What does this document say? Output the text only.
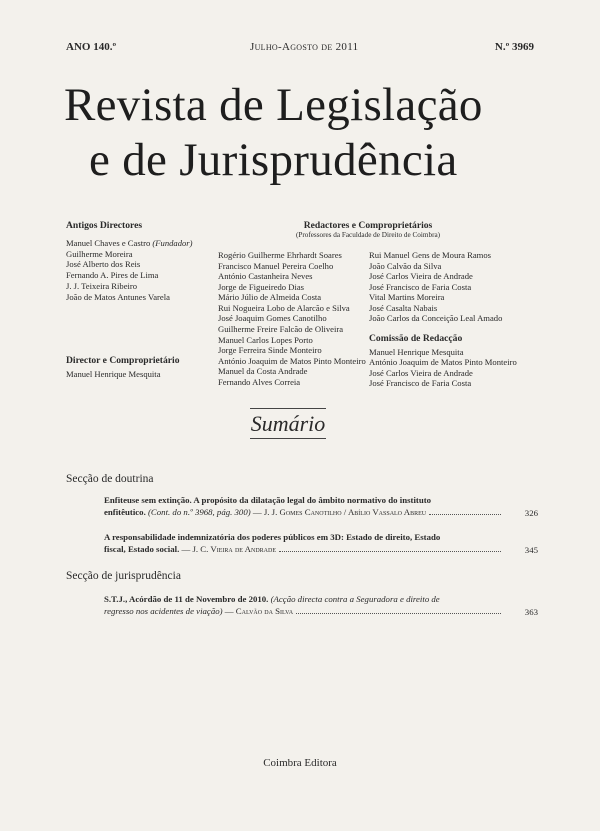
ANO 140.º	Julho-Agosto de 2011	N.º 3969
Revista de Legislação
e de Jurisprudência
Antigos Directores
Manuel Chaves e Castro (Fundador)
Guilherme Moreira
José Alberto dos Reis
Fernando A. Pires de Lima
J. J. Teixeira Ribeiro
João de Matos Antunes Varela
Director e Comproprietário
Manuel Henrique Mesquita
Redactores e Comproprietários
(Professores da Faculdade de Direito de Coimbra)
Rogério Guilherme Ehrhardt Soares
Francisco Manuel Pereira Coelho
António Castanheira Neves
Jorge de Figueiredo Dias
Mário Júlio de Almeida Costa
Rui Nogueira Lobo de Alarcão e Silva
José Joaquim Gomes Canotilho
Guilherme Freire Falcão de Oliveira
Manuel Carlos Lopes Porto
Jorge Ferreira Sinde Monteiro
António Joaquim de Matos Pinto Monteiro
Manuel da Costa Andrade
Fernando Alves Correia
Rui Manuel Gens de Moura Ramos
João Calvão da Silva
José Carlos Vieira de Andrade
José Francisco de Faria Costa
Vital Martins Moreira
José Casalta Nabais
João Carlos da Conceição Leal Amado
Comissão de Redacção
Manuel Henrique Mesquita
António Joaquim de Matos Pinto Monteiro
José Carlos Vieira de Andrade
José Francisco de Faria Costa
Sumário
Secção de doutrina
Enfiteuse sem extinção. A propósito da dilatação legal do âmbito normativo do instituto
enfitêutico. (Cont. do n.º 3968, pág. 300) — J. J. Gomes Canotilho / Abílio Vassalo Abreu	326
A responsabilidade indemnizatória dos poderes públicos em 3D: Estado de direito, Estado
fiscal, Estado social. — J. C. Vieira de Andrade	345
Secção de jurisprudência
S.T.J., Acórdão de 11 de Novembro de 2010. (Acção directa contra a Seguradora e direito de
regresso nos acidentes de viação) — Calvão da Silva	363
Coimbra Editora
